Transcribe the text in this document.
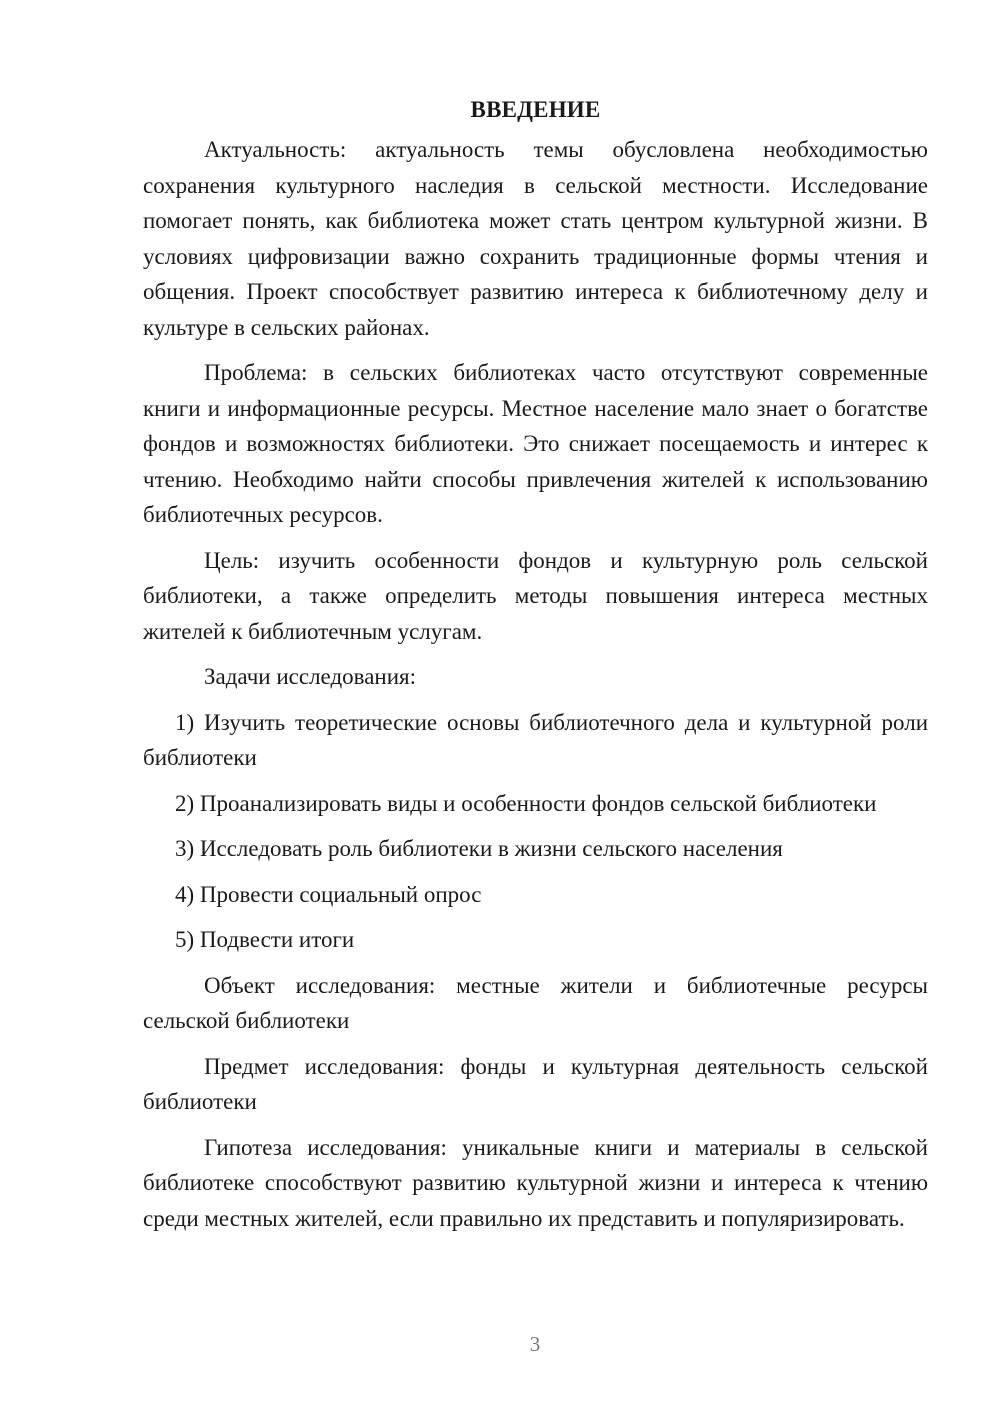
ВВЕДЕНИЕ

Актуальность: актуальность темы обусловлена необходимостью сохранения культурного наследия в сельской местности. Исследование помогает понять, как библиотека может стать центром культурной жизни. В условиях цифровизации важно сохранить традиционные формы чтения и общения. Проект способствует развитию интереса к библиотечному делу и культуре в сельских районах.

Проблема: в сельских библиотеках часто отсутствуют современные книги и информационные ресурсы. Местное население мало знает о богатстве фондов и возможностях библиотеки. Это снижает посещаемость и интерес к чтению. Необходимо найти способы привлечения жителей к использованию библиотечных ресурсов.

Цель: изучить особенности фондов и культурную роль сельской библиотеки, а также определить методы повышения интереса местных жителей к библиотечным услугам.

Задачи исследования:

1) Изучить теоретические основы библиотечного дела и культурной роли библиотеки

2) Проанализировать виды и особенности фондов сельской библиотеки

3) Исследовать роль библиотеки в жизни сельского населения

4) Провести социальный опрос

5) Подвести итоги

Объект исследования: местные жители и библиотечные ресурсы сельской библиотеки

Предмет исследования: фонды и культурная деятельность сельской библиотеки

Гипотеза исследования: уникальные книги и материалы в сельской библиотеке способствуют развитию культурной жизни и интереса к чтению среди местных жителей, если правильно их представить и популяризировать.

3
